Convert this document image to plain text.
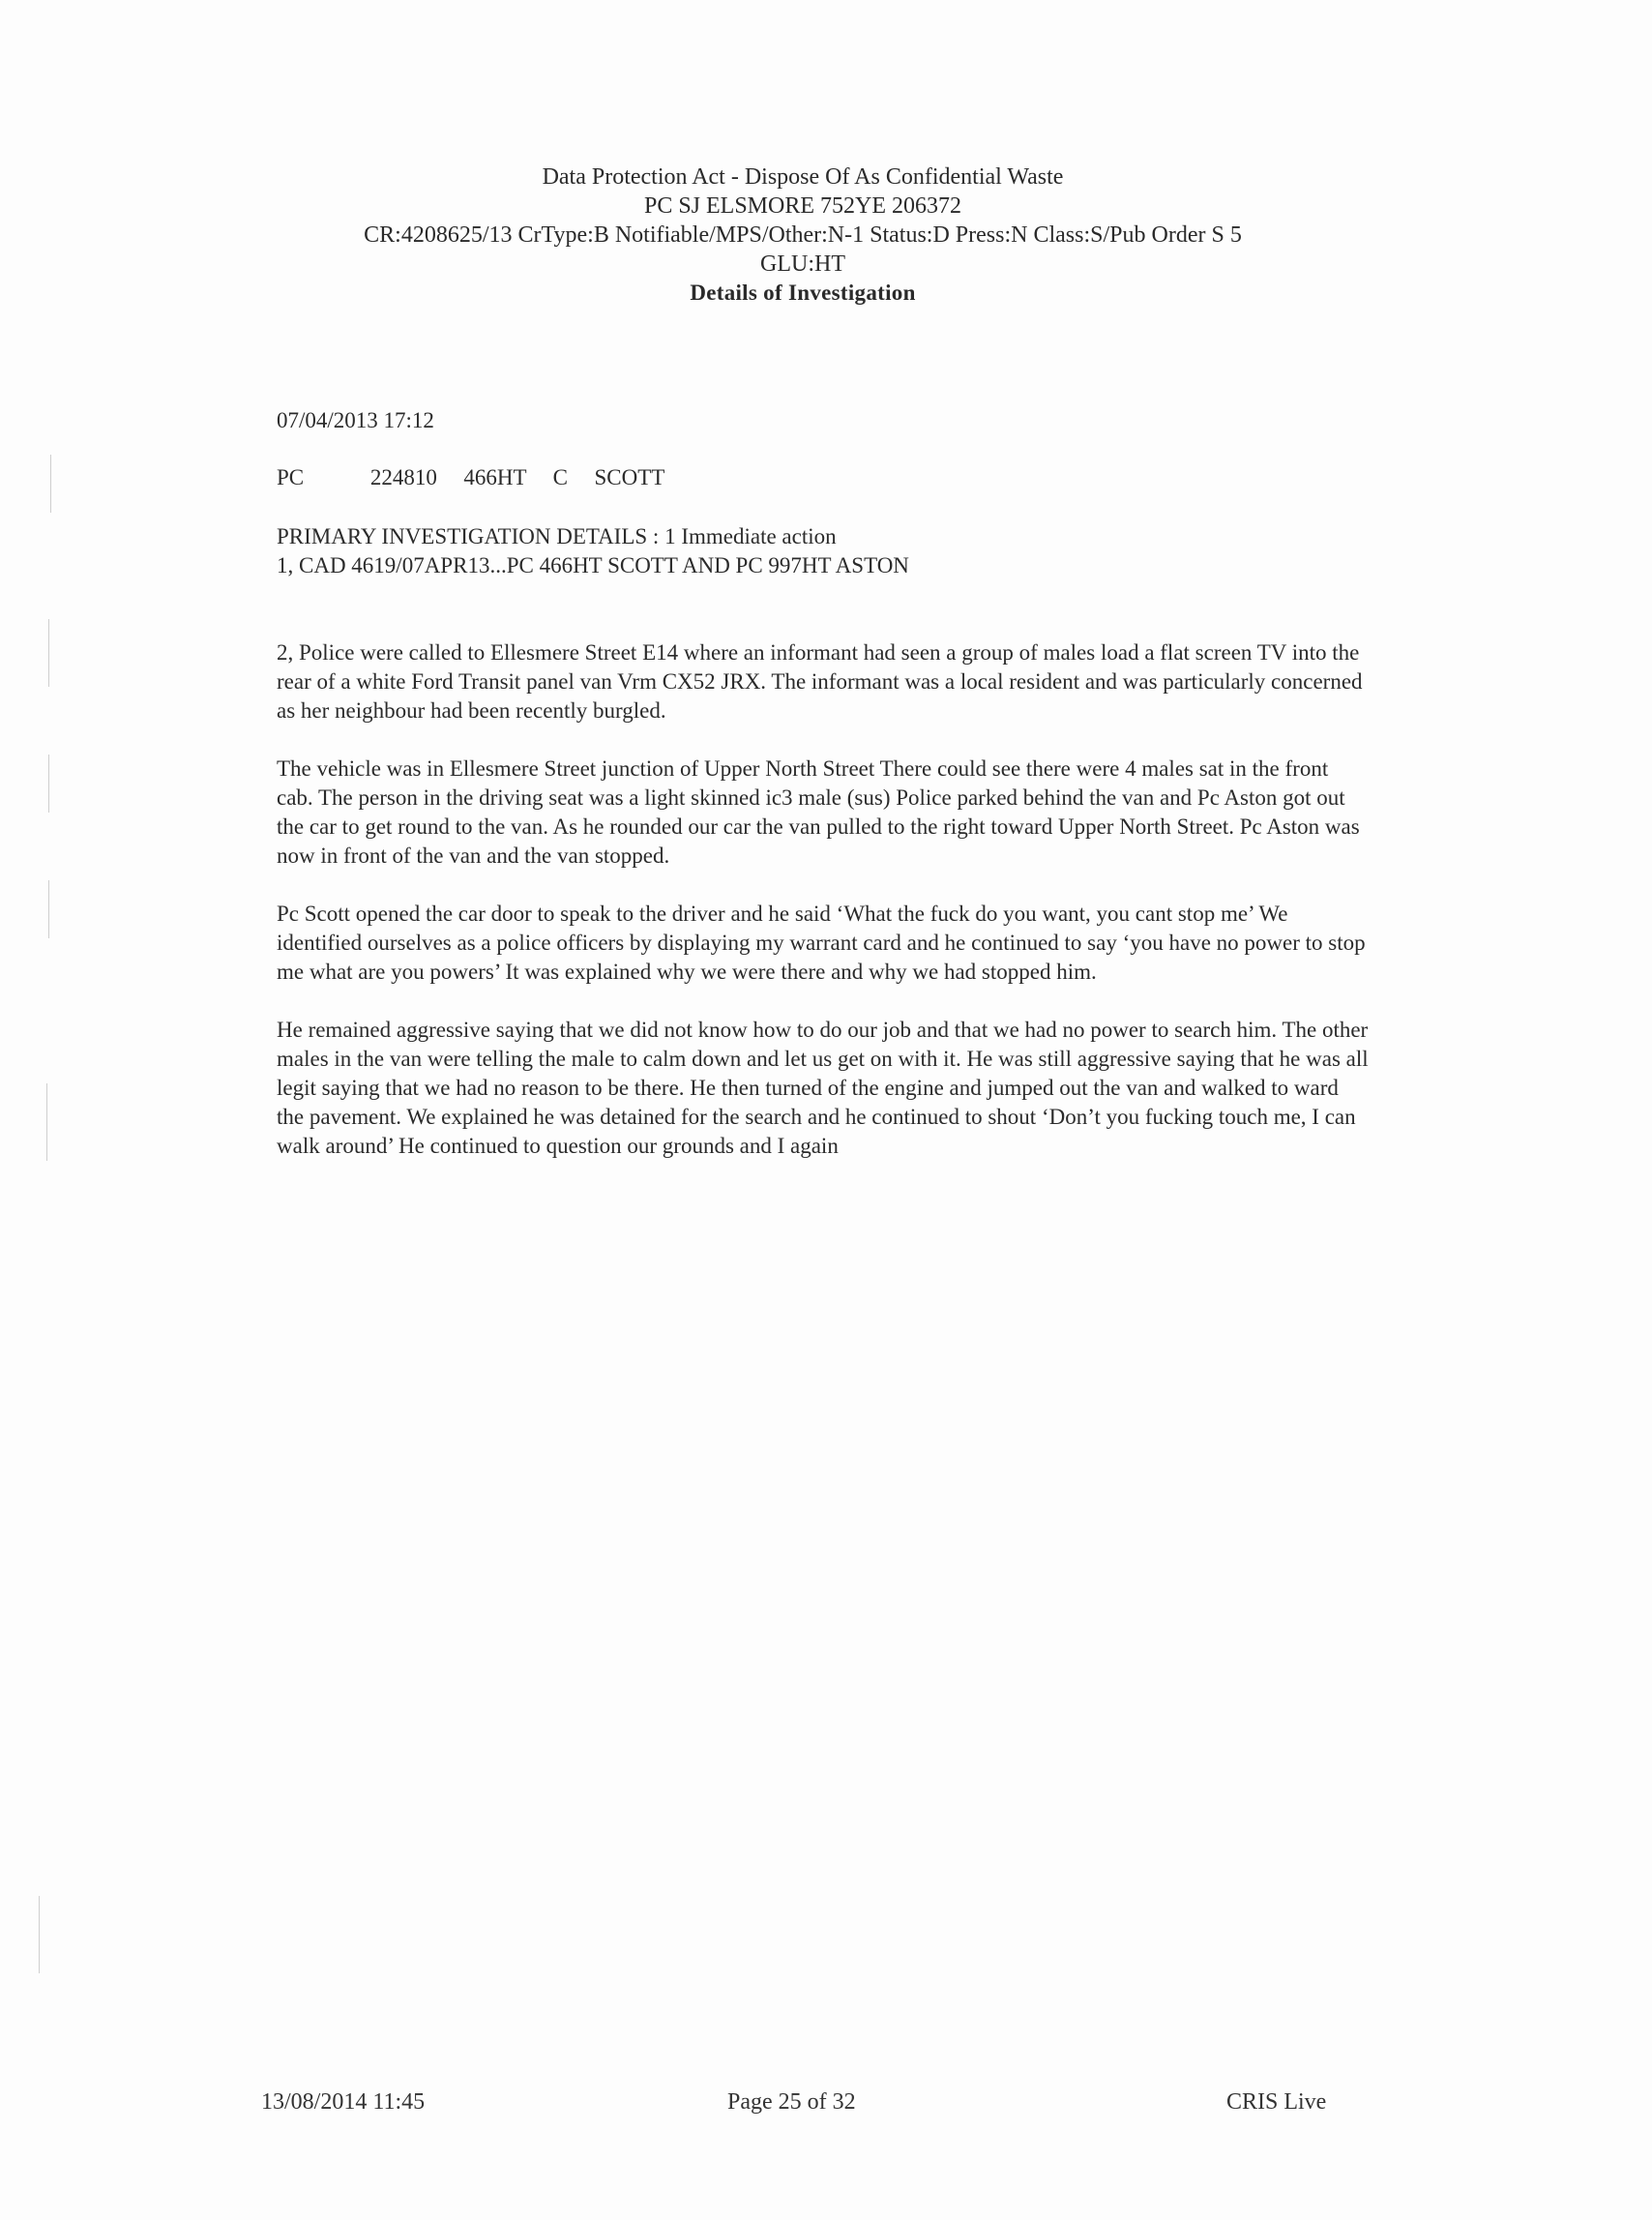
Data Protection Act - Dispose Of As Confidential Waste
PC SJ ELSMORE 752YE 206372
CR:4208625/13 CrType:B Notifiable/MPS/Other:N-1 Status:D Press:N Class:S/Pub Order S 5
GLU:HT
Details of Investigation
07/04/2013 17:12
PC     224810  466HT  C  SCOTT
PRIMARY INVESTIGATION DETAILS : 1 Immediate action
1, CAD 4619/07APR13...PC 466HT SCOTT AND PC 997HT ASTON

2, Police were called to Ellesmere Street E14 where an informant had seen a group of males load a flat screen TV into the rear of a white Ford Transit panel van Vrm CX52 JRX. The informant was a local resident and was particularly concerned as her neighbour had been recently burgled.

The vehicle was in Ellesmere Street junction of Upper North Street There could see there were 4 males sat in the front cab. The person in the driving seat was a light skinned ic3 male (sus) Police parked behind the van and Pc Aston got out the car to get round to the van. As he rounded our car the van pulled to the right toward Upper North Street. Pc Aston was now in front of the van and the van stopped.

Pc Scott opened the car door to speak to the driver and he said ‘What the fuck do you want, you cant stop me’ We identified ourselves as a police officers by displaying my warrant card and he continued to say ‘you have no power to stop me what are you powers’ It was explained why we were there and why we had stopped him.

He remained aggressive saying that we did not know how to do our job and that we had no power to search him. The other males in the van were telling the male to calm down and let us get on with it. He was still aggressive saying that he was all legit saying that we had no reason to be there. He then turned of the engine and jumped out the van and walked to ward the pavement. We explained he was detained for the search and he continued to shout ‘Don’t you fucking touch me, I can walk around’ He continued to question our grounds and I again

13/08/2014 11:45	Page 25 of 32	CRIS Live
